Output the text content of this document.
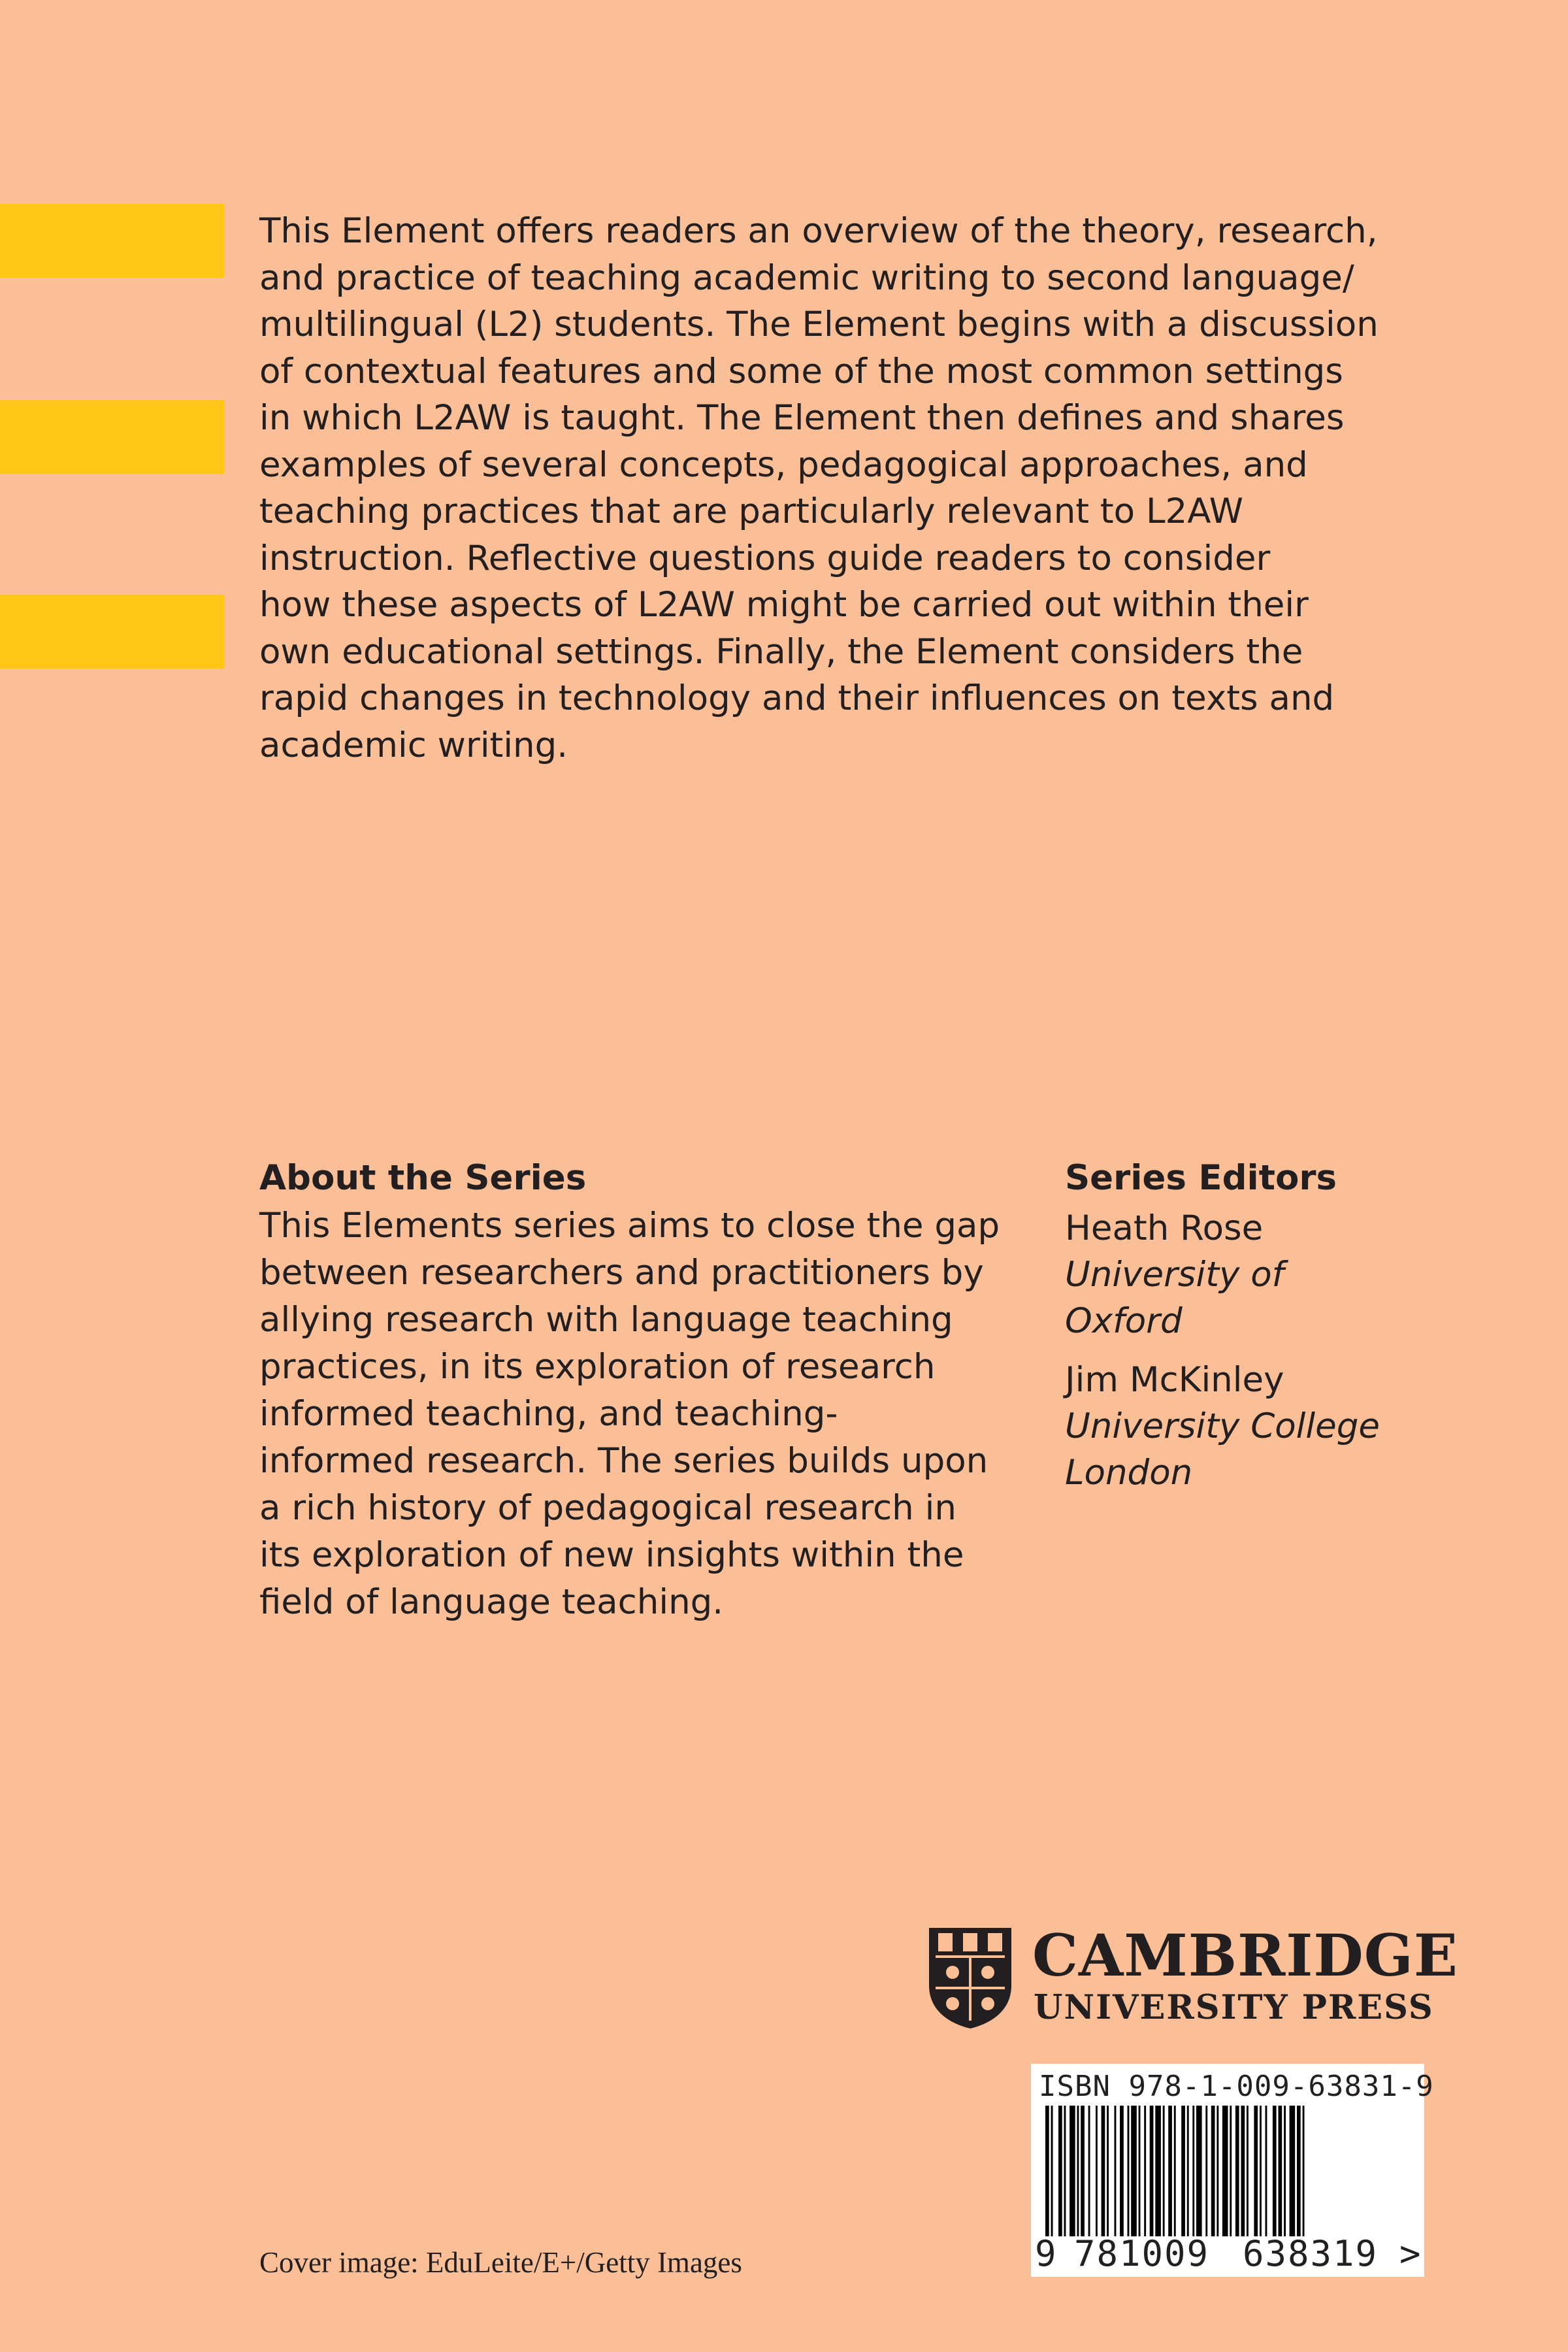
This Element offers readers an overview of the theory, research,
and practice of teaching academic writing to second language/
multilingual (L2) students. The Element begins with a discussion
of contextual features and some of the most common settings
in which L2AW is taught. The Element then defines and shares
examples of several concepts, pedagogical approaches, and
teaching practices that are particularly relevant to L2AW
instruction. Reflective questions guide readers to consider
how these aspects of L2AW might be carried out within their
own educational settings. Finally, the Element considers the
rapid changes in technology and their influences on texts and
academic writing.

About the Series

This Elements series aims to close the gap
between researchers and practitioners by
allying research with language teaching
practices, in its exploration of research
informed teaching, and teaching-
informed research. The series builds upon
a rich history of pedagogical research in
its exploration of new insights within the
field of language teaching.

Series Editors
Heath Rose
University of
Oxford
Jim McKinley
University College
London
CAMBRIDGE
UNIVERSITY PRESS
ISBN 978-1-009-63831-9
9 781009 638319 >
Cover image: EduLeite/E+/Getty Images
